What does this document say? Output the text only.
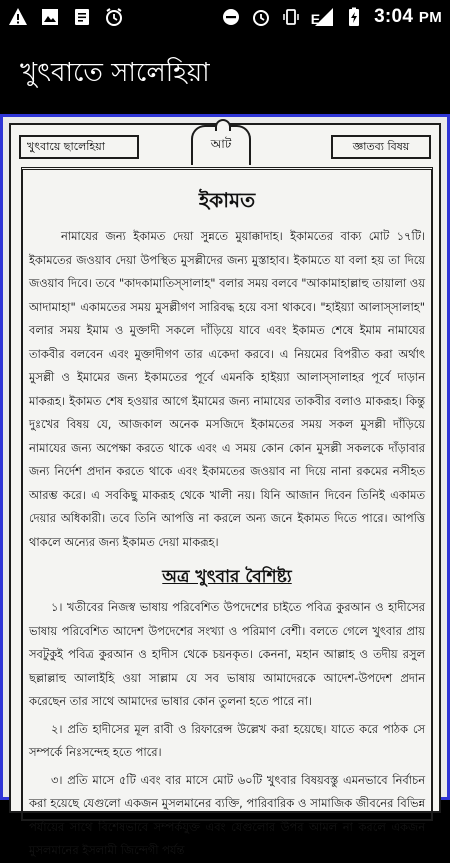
E	3:04 PM
খুৎবাতে সালেহিয়া
খুৎবায়ে ছালেহিয়া	আট	জ্ঞাতব্য বিষয়
ইকামত

নামাযের জন্য ইকামত দেয়া সুন্নতে মুয়াক্কাদাহ। ইকামতের বাক্য মোট ১৭টি। ইকামতের জওয়াব দেয়া উপস্থিত মুসল্লীদের জন্য মুস্তাহাব। ইকামতে যা বলা হয় তা দিয়ে জওয়াব দিবে। তবে "কাদকামাতিস্সালাহ" বলার সময় বলবে "আকামাহাল্লাহু তায়ালা ওয় আদামাহা" একামতের সময় মুসল্লীগণ সারিবদ্ধ হয়ে বসা থাকবে। "হাইয়্যা আলাস্সালাহ" বলার সময় ইমাম ও মুক্তাদী সকলে দাঁড়িয়ে যাবে এবং ইকামত শেষে ইমাম নামাযের তাকবীর বলবেন এবং মুক্তাদীগণ তার একেদা করবে। এ নিয়মের বিপরীত করা অর্থাৎ মুসল্লী ও ইমামের জন্য ইকামতের পূর্বে এমনকি হাইয়্যা আলাস্সালাহর পূর্বে দাড়ান মাকরূহ। ইকামত শেষ হওয়ার আগে ইমামের জন্য নামাযের তাকবীর বলাও মাকরূহ। কিন্তু দুঃখের বিষয় যে, আজকাল অনেক মসজিদে ইকামতের সময় সকল মুসল্লী দাঁড়িয়ে নামাযের জন্য অপেক্ষা করতে থাকে এবং এ সময় কোন কোন মুসল্লী সকলকে দাঁড়াবার জন্য নির্দেশ প্রদান করতে থাকে এবং ইকামতের জওয়াব না দিয়ে নানা রকমের নসীহত আরম্ভ করে। এ সবকিছু মাকরূহ থেকে খালী নয়। যিনি আজান দিবেন তিনিই একামত দেয়ার অধিকারী। তবে তিনি আপত্তি না করলে অন্য জনে ইকামত দিতে পারে। আপত্তি থাকলে অন্যের জন্য ইকামত দেয়া মাকরূহ।

অত্র খুৎবার বৈশিষ্ট্য

১। খতীবের নিজস্ব ভাষায় পরিবেশিত উপদেশের চাইতে পবিত্র কুরআন ও হাদীসের ভাষায় পরিবেশিত আদেশ উপদেশের সংখ্যা ও পরিমাণ বেশী। বলতে গেলে খুৎবার প্রায় সবটুকুই পবিত্র কুরআন ও হাদীস থেকে চয়নকৃত। কেননা, মহান আল্লাহ ও তদীয় রসুল ছল্লাল্লাহু আলাইহি ওয়া সাল্লাম যে সব ভাষায় আমাদেরকে আদেশ-উপদেশ প্রদান করেছেন তার সাথে আমাদের ভাষার কোন তুলনা হতে পারে না।

২। প্রতি হাদীসের মূল রাবী ও রিফারেন্স উল্লেখ করা হয়েছে। যাতে করে পাঠক সে সম্পর্কে নিঃসন্দেহ হতে পারে।

৩। প্রতি মাসে ৫টি এবং বার মাসে মোট ৬০টি খুৎবার বিষয়বস্তু এমনভাবে নির্বাচন করা হয়েছে যেগুলো একজন মুসলমানের ব্যক্তি, পারিবারিক ও সামাজিক জীবনের বিভিন্ন পর্যায়ের সাথে বিশেষভাবে সম্পর্কযুক্ত এবং যেগুলোর উপর আমল না করলে একজন মুসলমানের ইসলামী জিন্দেগী পর্যন্ত
